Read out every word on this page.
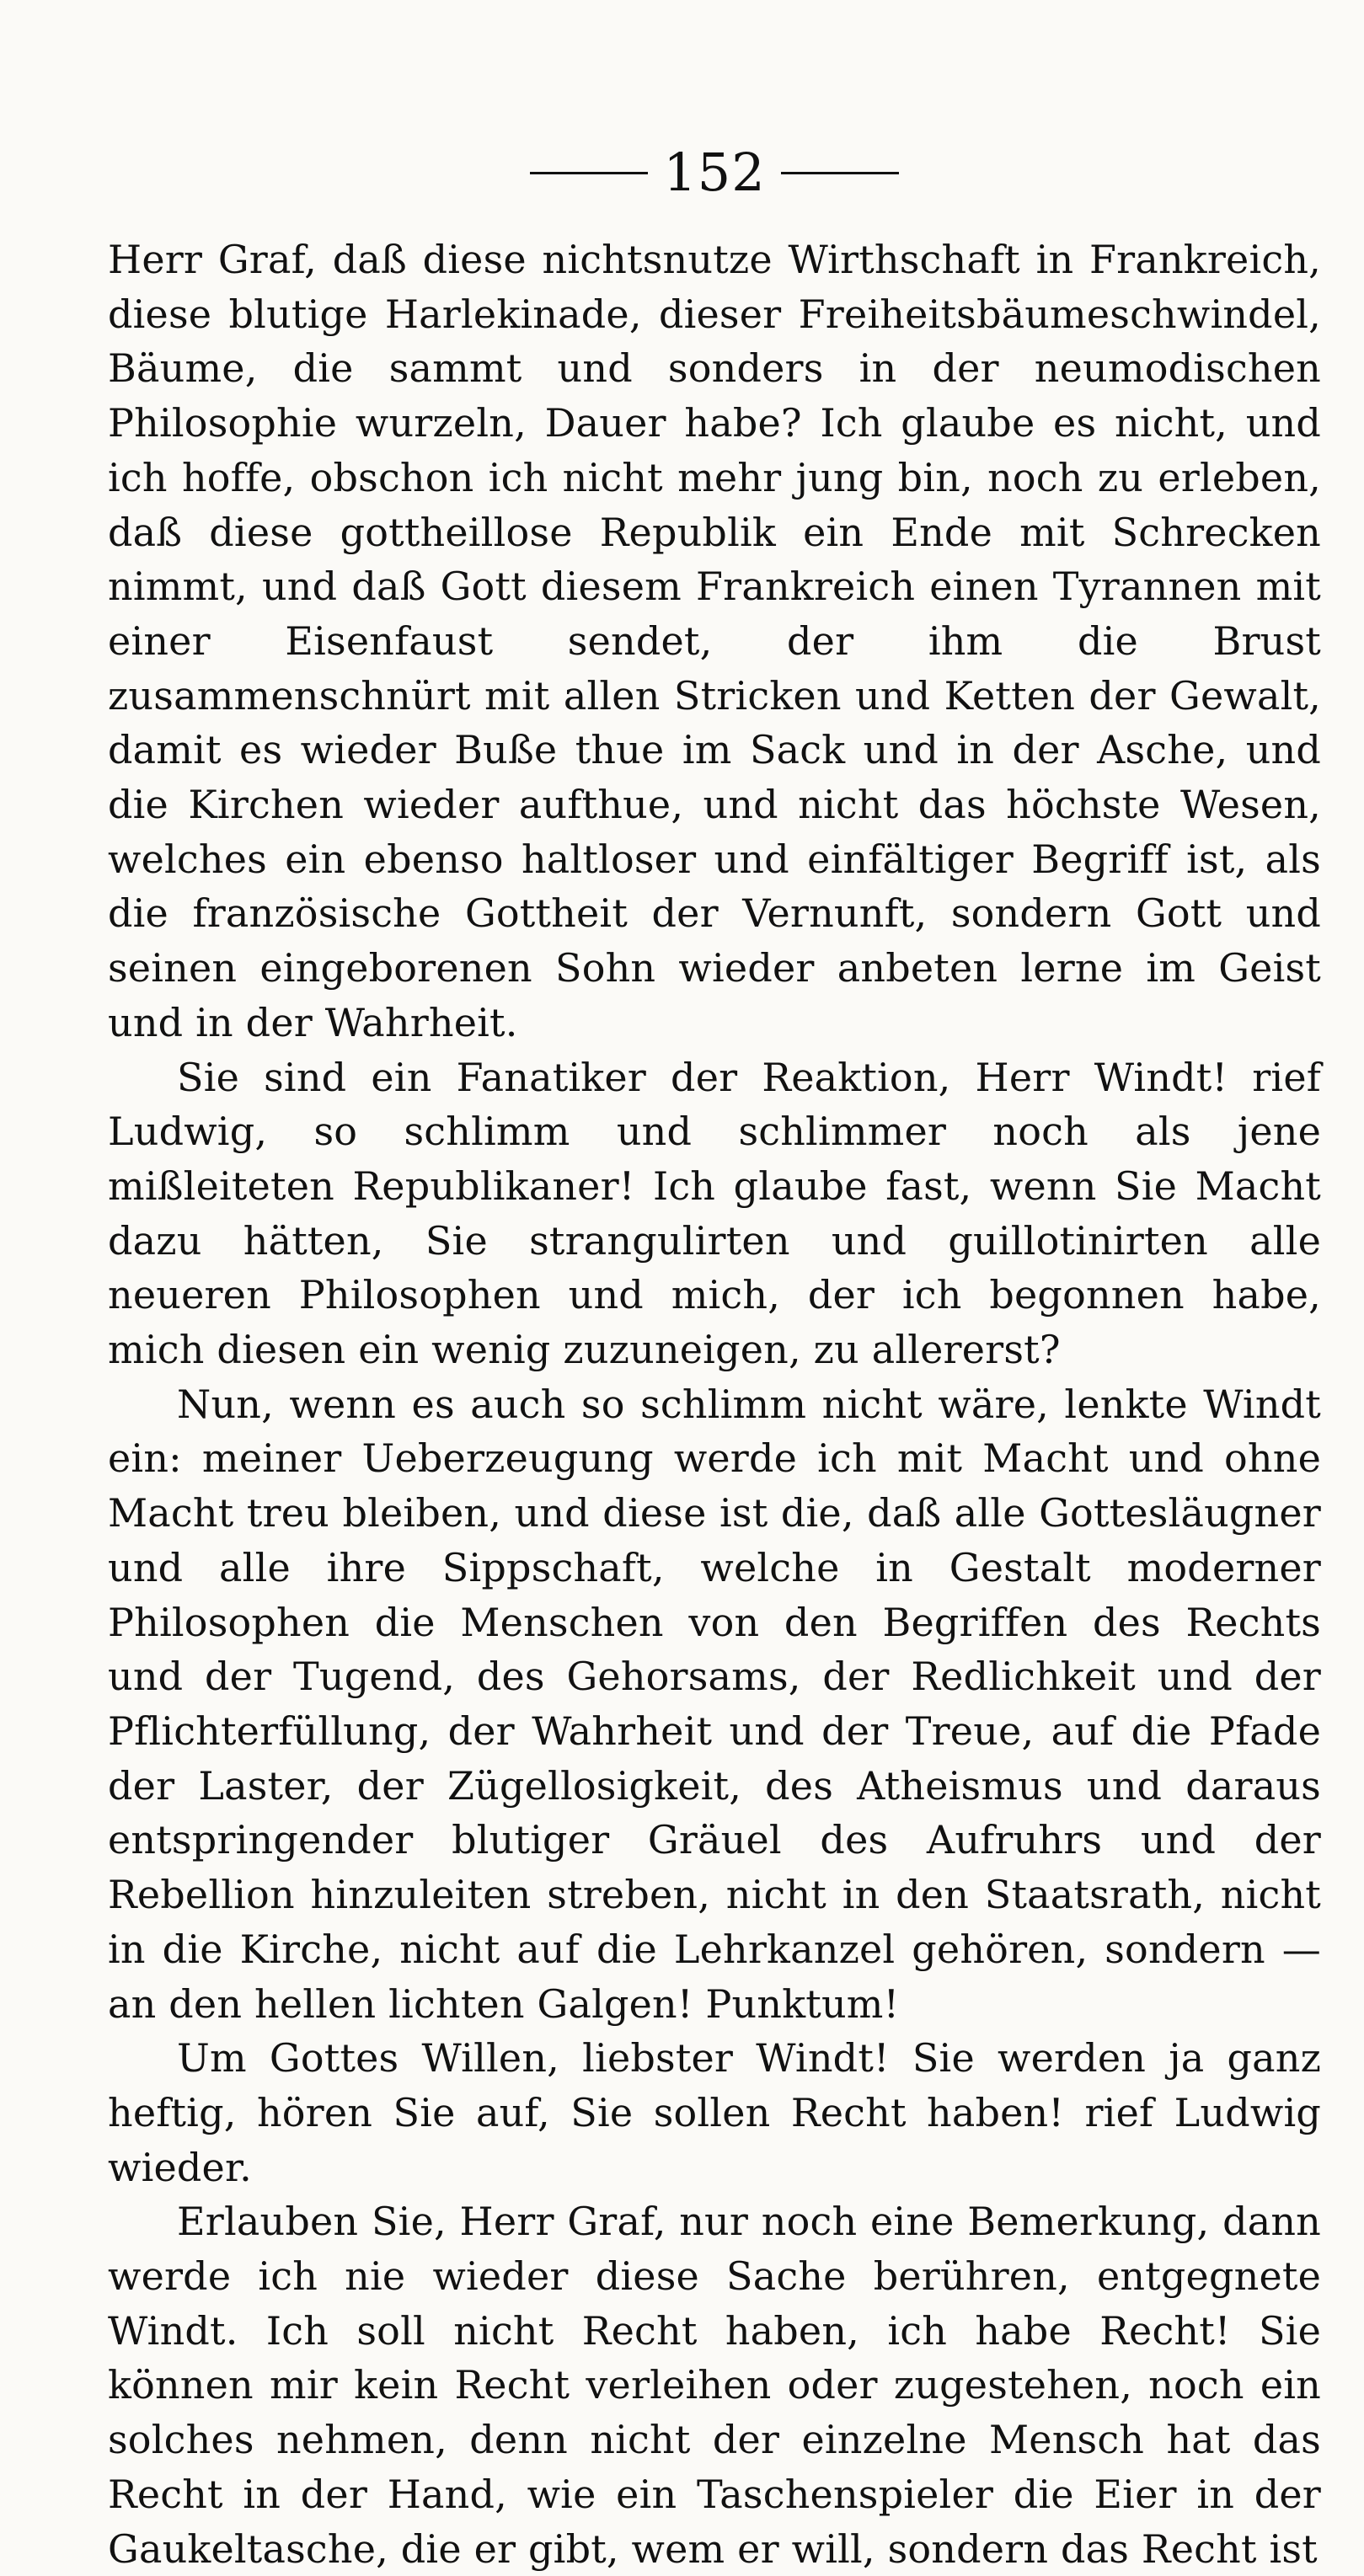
152

Herr Graf, daß diese nichtsnutze Wirthschaft in Frankreich, diese blutige Harlekinade, dieser Freiheitsbäumeschwindel, Bäume, die sammt und sonders in der neumodischen Philosophie wurzeln, Dauer habe? Ich glaube es nicht, und ich hoffe, obschon ich nicht mehr jung bin, noch zu erleben, daß diese gottheillose Republik ein Ende mit Schrecken nimmt, und daß Gott diesem Frankreich einen Tyrannen mit einer Eisenfaust sendet, der ihm die Brust zusammenschnürt mit allen Stricken und Ketten der Gewalt, damit es wieder Buße thue im Sack und in der Asche, und die Kirchen wieder aufthue, und nicht das höchste Wesen, welches ein ebenso haltloser und einfältiger Begriff ist, als die französische Gottheit der Vernunft, sondern Gott und seinen eingeborenen Sohn wieder anbeten lerne im Geist und in der Wahrheit.

Sie sind ein Fanatiker der Reaktion, Herr Windt! rief Ludwig, so schlimm und schlimmer noch als jene mißleiteten Republikaner! Ich glaube fast, wenn Sie Macht dazu hätten, Sie strangulirten und guillotinirten alle neueren Philosophen und mich, der ich begonnen habe, mich diesen ein wenig zuzuneigen, zu allererst?

Nun, wenn es auch so schlimm nicht wäre, lenkte Windt ein: meiner Ueberzeugung werde ich mit Macht und ohne Macht treu bleiben, und diese ist die, daß alle Gottesläugner und alle ihre Sippschaft, welche in Gestalt moderner Philosophen die Menschen von den Begriffen des Rechts und der Tugend, des Gehorsams, der Redlichkeit und der Pflichterfüllung, der Wahrheit und der Treue, auf die Pfade der Laster, der Zügellosigkeit, des Atheismus und daraus entspringender blutiger Gräuel des Aufruhrs und der Rebellion hinzuleiten streben, nicht in den Staatsrath, nicht in die Kirche, nicht auf die Lehrkanzel gehören, sondern — an den hellen lichten Galgen! Punktum!

Um Gottes Willen, liebster Windt! Sie werden ja ganz heftig, hören Sie auf, Sie sollen Recht haben! rief Ludwig wieder.

Erlauben Sie, Herr Graf, nur noch eine Bemerkung, dann werde ich nie wieder diese Sache berühren, entgegnete Windt. Ich soll nicht Recht haben, ich habe Recht! Sie können mir kein Recht verleihen oder zugestehen, noch ein solches nehmen, denn nicht der einzelne Mensch hat das Recht in der Hand, wie ein Taschenspieler die Eier in der Gaukeltasche, die er gibt, wem er will, sondern das Recht ist
